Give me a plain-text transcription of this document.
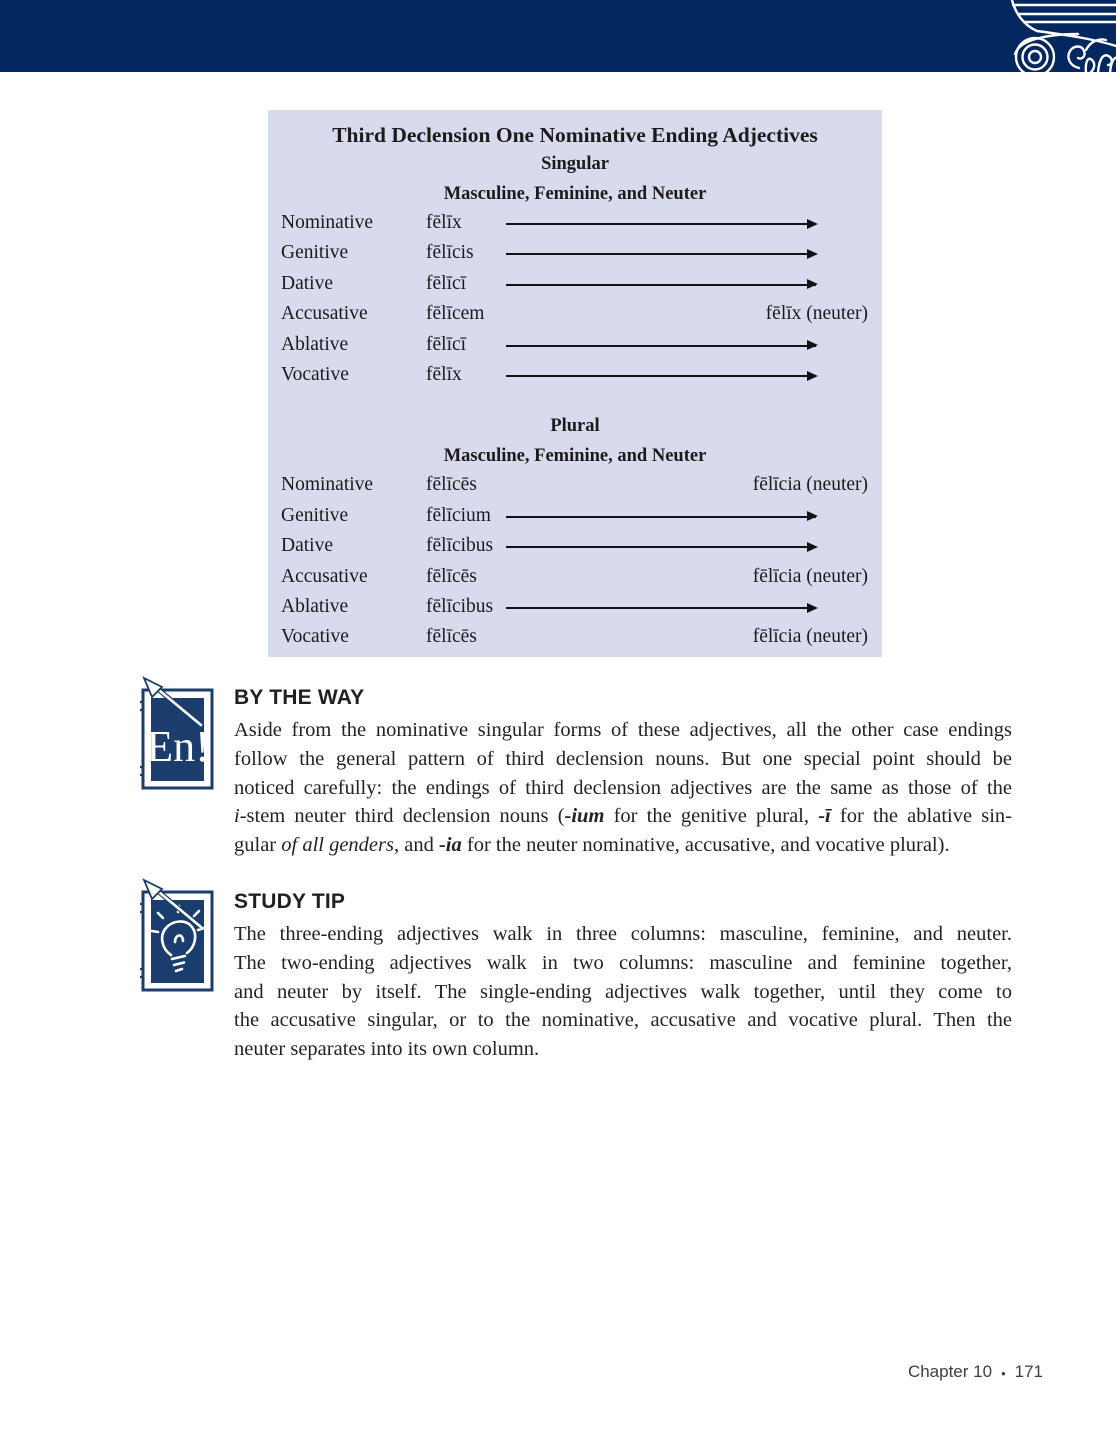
Third Declension One Nominative Ending Adjectives
Singular
Masculine, Feminine, and Neuter
Nominative	fēlīx
Genitive	fēlīcis
Dative	fēlīcī
Accusative	fēlīcem	fēlīx (neuter)
Ablative	fēlīcī
Vocative	fēlīx
Plural
Masculine, Feminine, and Neuter
Nominative	fēlīcēs	fēlīcia (neuter)
Genitive	fēlīcium
Dative	fēlīcibus
Accusative	fēlīcēs	fēlīcia (neuter)
Ablative	fēlīcibus
Vocative	fēlīcēs	fēlīcia (neuter)
En!
BY THE WAY
Aside from the nominative singular forms of these adjectives, all the other case endings
follow the general pattern of third declension nouns. But one special point should be
noticed carefully: the endings of third declension adjectives are the same as those of the
i-stem neuter third declension nouns (-ium for the genitive plural, -ī for the ablative sin-
gular of all genders, and -ia for the neuter nominative, accusative, and vocative plural).
STUDY TIP
The three-ending adjectives walk in three columns: masculine, feminine, and neuter.
The two-ending adjectives walk in two columns: masculine and feminine together,
and neuter by itself. The single-ending adjectives walk together, until they come to
the accusative singular, or to the nominative, accusative and vocative plural. Then the
neuter separates into its own column.
Chapter 10 • 171
